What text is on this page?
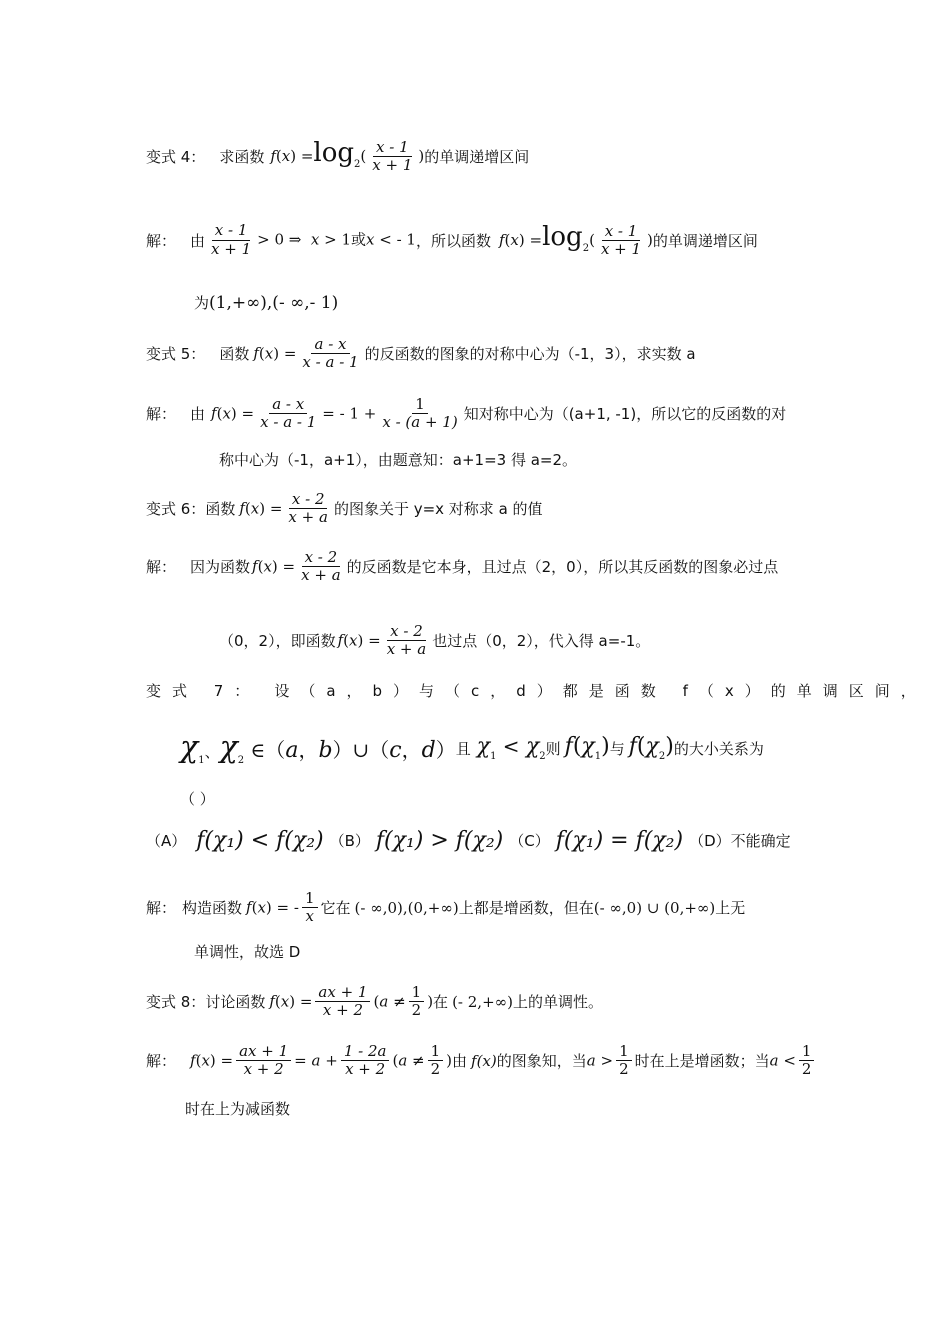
变式 4： 求函数 $f(x) =\log_2( \frac{x - 1}{x + 1}$ ) 的单调递增区间
解： 由 $\frac{x - 1}{x + 1} > 0$ ⇒  x > 1或x < - 1 ，所以函数 $f(x) =\log_2( \frac{x - 1}{x + 1}$ ) 的单调递增区间
为 (1,+∞),(- ∞,- 1)
变式 5： 函数 $f(x) = \frac{a - x}{x - a - 1}$ 的反函数的图象的对称中心为（-1，3），求实数 a
解： 由 $f(x) = \frac{a - x}{x - a - 1}$ = - $1 + \frac{1}{x - (a + 1)}$ 知对称中心为（(a+1, -1)，所以它的反函数的对
称中心为（-1，a+1），由题意知：a+1=3 得 a=2。
变式 6： 函数 $f(x) = \frac{x - 2}{x + a}$ 的图象关于 y=x 对称求 a 的值
解： 因为函数 $f(x) = \frac{x - 2}{x + a}$ 的反函数是它本身，且过点（2，0），所以其反函数的图象必过点
（0，2），即函数 $f(x) = \frac{x - 2}{x + a}$ 也过点（0，2），代入得 a=-1。
变式 7： 设（a，b）与（c，d）都是函数 f（x）的单调区间，
$\chi_1$、$\chi_2$ ∈（a，b）∪（c，d） 且 $\chi_1 < \chi_2$ 则 $f(\chi_1)$ 与 $f(\chi_2)$ 的大小关系为
（ ）
（A） f(χ₁) < f(χ₂) （B） f(χ₁) > f(χ₂) （C） f(χ₁) = f(χ₂) （D） 不能确定
解： 构造函数 f(x) = - $\frac{1}{x}$ 它在 (- ∞,0),(0,+∞) 上都是增函数，但在 (- ∞,0) ∪ (0,+∞) 上无
单调性，故选 D
变式 8： 讨论函数 $f(x) = \frac{ax + 1}{x + 2} (a \ne \frac{1}{2}$ ) 在 (- 2,+∞) 上的单调性。
解： $f(x) = \frac{ax + 1}{x + 2} = a + \frac{1 - 2a}{x + 2} (a \ne \frac{1}{2}$ ) 由 f(x) 的图象知，当 $a > \frac{1}{2}$ 时在上是增函数；当 $a < \frac{1}{2}$
时在上为减函数
